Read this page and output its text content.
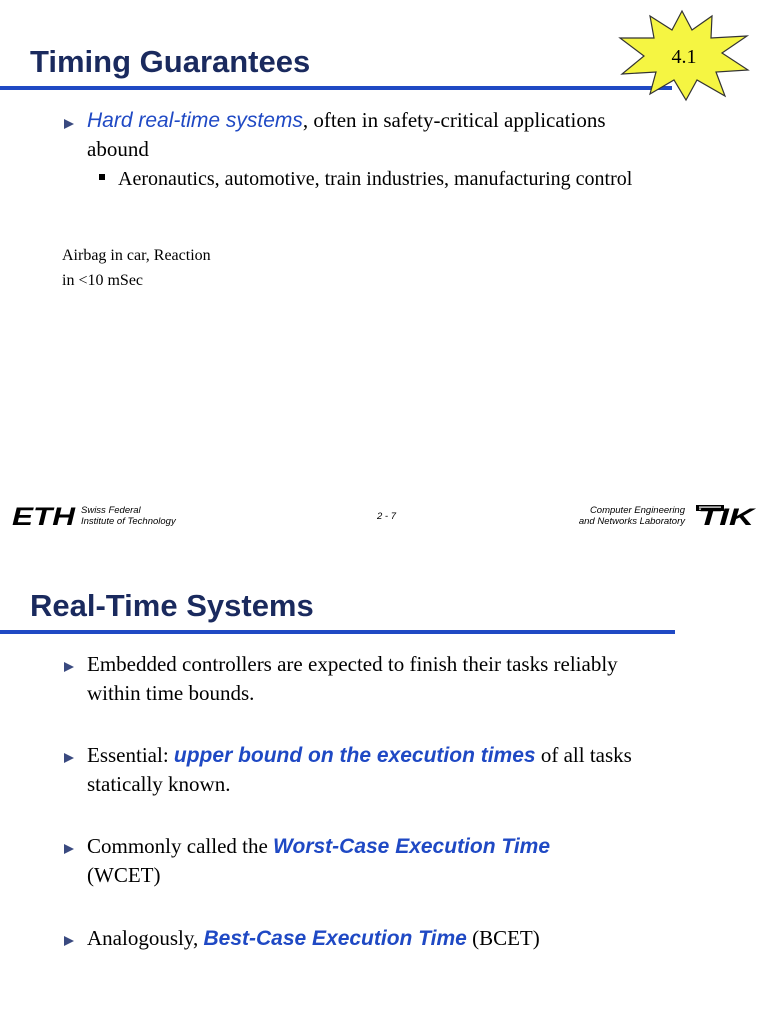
Timing Guarantees	4.1
Hard real-time systems, often in safety-critical applications abound
Aeronautics, automotive, train industries, manufacturing control
Airbag in car, Reaction
in <10 mSec
ETH Swiss Federal
Institute of Technology	2 - 7
Computer Engineering
and Networks Laboratory TIK
Real-Time Systems
Embedded controllers are expected to finish their tasks reliably within time bounds.
Essential: upper bound on the execution times of all tasks statically known.
Commonly called the Worst-Case Execution Time
(WCET)
Analogously, Best-Case Execution Time (BCET)
